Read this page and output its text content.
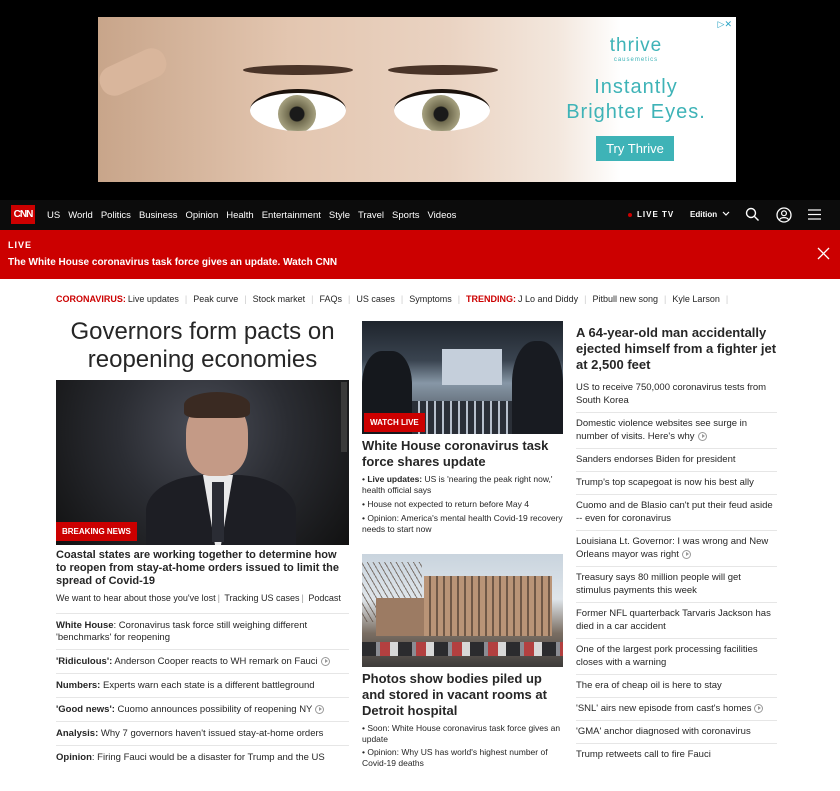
▷✕
thrive
causemetics
Instantly
Brighter Eyes.
Try Thrive
CNN US World Politics Business Opinion Health Entertainment Style Travel Sports Videos	LIVE TV Edition
LIVE
The White House coronavirus task force gives an update. Watch CNN
CORONAVIRUS: Live updates | Peak curve | Stock market | FAQs | US cases | Symptoms | TRENDING: J Lo and Diddy | Pitbull new song | Kyle Larson |
Governors form pacts on reopening economies
BREAKING NEWS
Coastal states are working together to determine how to reopen from stay-at-home orders issued to limit the spread of Covid-19
We want to hear about those you've lost | Tracking US cases | Podcast
White House: Coronavirus task force still weighing different 'benchmarks' for reopening
'Ridiculous': Anderson Cooper reacts to WH remark on Fauci
Numbers: Experts warn each state is a different battleground
'Good news': Cuomo announces possibility of reopening NY
Analysis: Why 7 governors haven't issued stay-at-home orders
Opinion: Firing Fauci would be a disaster for Trump and the US
WATCH LIVE
White House coronavirus task force shares update
• Live updates: US is 'nearing the peak right now,' health official says
• House not expected to return before May 4
• Opinion: America's mental health Covid-19 recovery needs to start now
Photos show bodies piled up and stored in vacant rooms at Detroit hospital
• Soon: White House coronavirus task force gives an update
• Opinion: Why US has world's highest number of Covid-19 deaths
A 64-year-old man accidentally ejected himself from a fighter jet at 2,500 feet
US to receive 750,000 coronavirus tests from South Korea
Domestic violence websites see surge in number of visits. Here's why
Sanders endorses Biden for president
Trump's top scapegoat is now his best ally
Cuomo and de Blasio can't put their feud aside -- even for coronavirus
Louisiana Lt. Governor: I was wrong and New Orleans mayor was right
Treasury says 80 million people will get stimulus payments this week
Former NFL quarterback Tarvaris Jackson has died in a car accident
One of the largest pork processing facilities closes with a warning
The era of cheap oil is here to stay
'SNL' airs new episode from cast's homes
'GMA' anchor diagnosed with coronavirus
Trump retweets call to fire Fauci
